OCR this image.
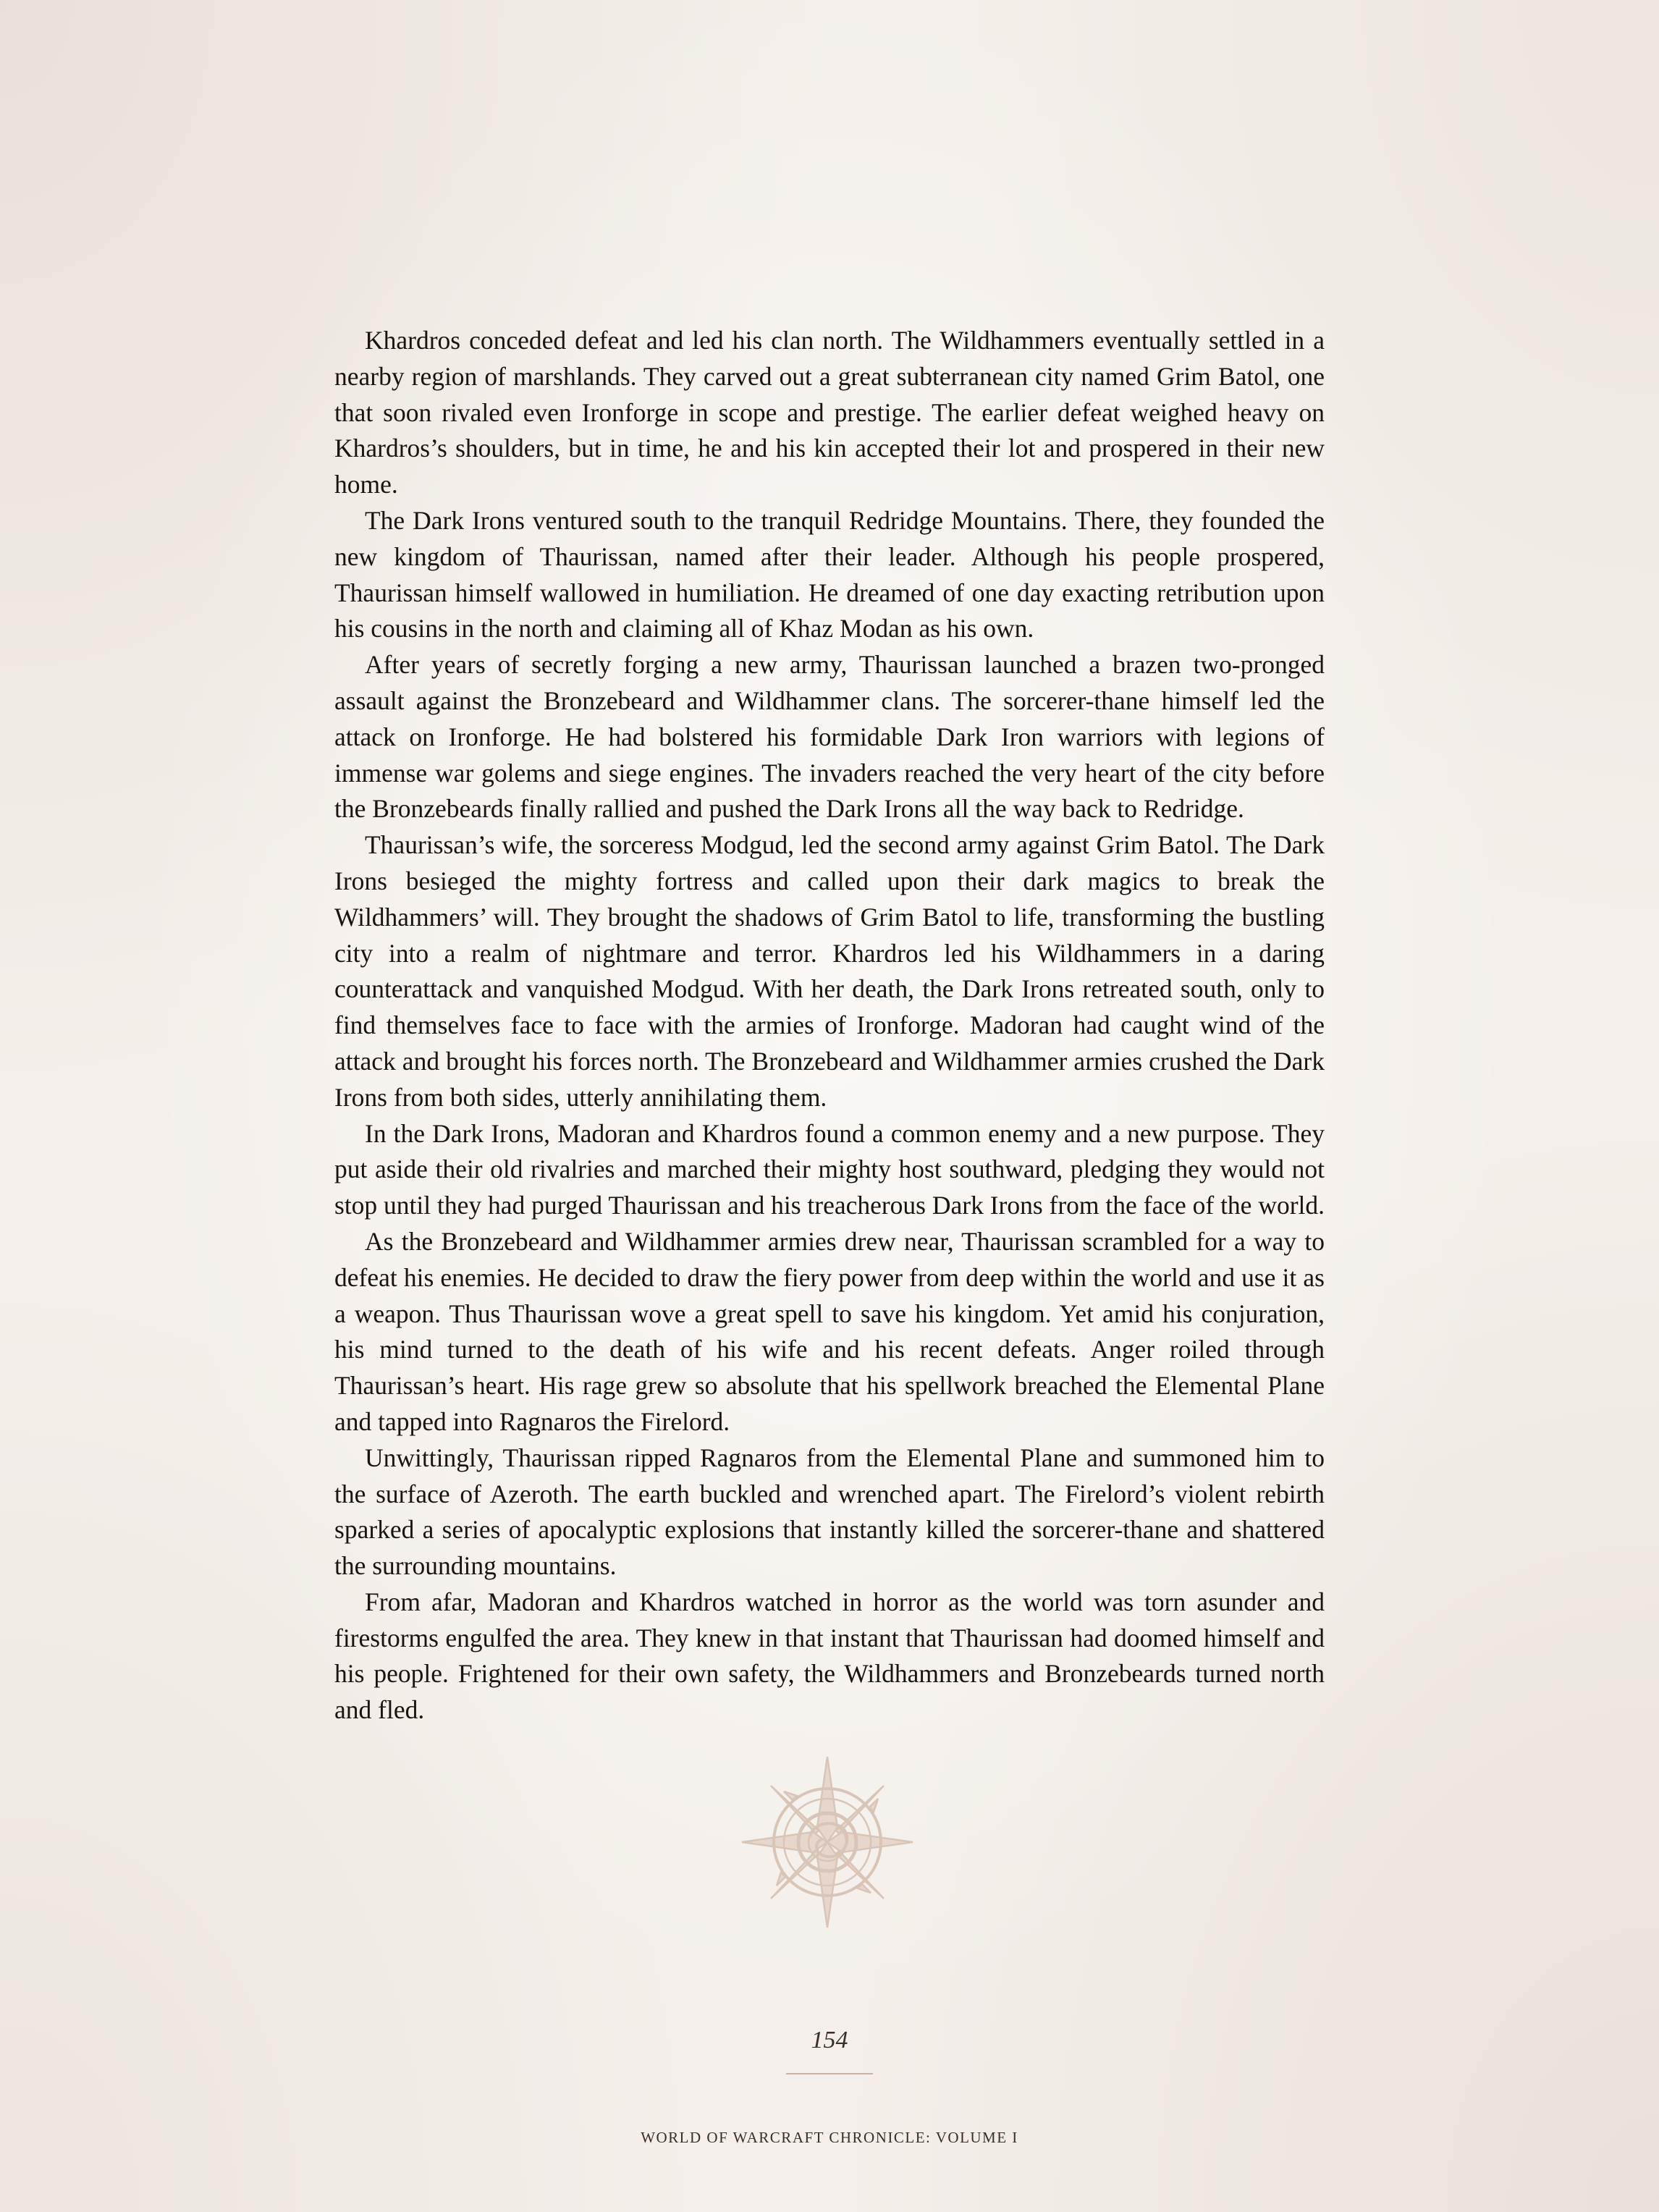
Khardros conceded defeat and led his clan north. The Wildhammers eventually settled in a nearby region of marshlands. They carved out a great subterranean city named Grim Batol, one that soon rivaled even Ironforge in scope and prestige. The earlier defeat weighed heavy on Khardros’s shoulders, but in time, he and his kin accepted their lot and prospered in their new home.

The Dark Irons ventured south to the tranquil Redridge Mountains. There, they founded the new kingdom of Thaurissan, named after their leader. Although his people prospered, Thaurissan himself wallowed in humiliation. He dreamed of one day exacting retribution upon his cousins in the north and claiming all of Khaz Modan as his own.

After years of secretly forging a new army, Thaurissan launched a brazen two-pronged assault against the Bronzebeard and Wildhammer clans. The sorcerer-thane himself led the attack on Ironforge. He had bolstered his formidable Dark Iron warriors with legions of immense war golems and siege engines. The invaders reached the very heart of the city before the Bronzebeards finally rallied and pushed the Dark Irons all the way back to Redridge.

Thaurissan’s wife, the sorceress Modgud, led the second army against Grim Batol. The Dark Irons besieged the mighty fortress and called upon their dark magics to break the Wildhammers’ will. They brought the shadows of Grim Batol to life, transforming the bustling city into a realm of nightmare and terror. Khardros led his Wildhammers in a daring counterattack and vanquished Modgud. With her death, the Dark Irons retreated south, only to find themselves face to face with the armies of Ironforge. Madoran had caught wind of the attack and brought his forces north. The Bronzebeard and Wildhammer armies crushed the Dark Irons from both sides, utterly annihilating them.

In the Dark Irons, Madoran and Khardros found a common enemy and a new purpose. They put aside their old rivalries and marched their mighty host southward, pledging they would not stop until they had purged Thaurissan and his treacherous Dark Irons from the face of the world.

As the Bronzebeard and Wildhammer armies drew near, Thaurissan scrambled for a way to defeat his enemies. He decided to draw the fiery power from deep within the world and use it as a weapon. Thus Thaurissan wove a great spell to save his kingdom. Yet amid his conjuration, his mind turned to the death of his wife and his recent defeats. Anger roiled through Thaurissan’s heart. His rage grew so absolute that his spellwork breached the Elemental Plane and tapped into Ragnaros the Firelord.

Unwittingly, Thaurissan ripped Ragnaros from the Elemental Plane and summoned him to the surface of Azeroth. The earth buckled and wrenched apart. The Firelord’s violent rebirth sparked a series of apocalyptic explosions that instantly killed the sorcerer-thane and shattered the surrounding mountains.

From afar, Madoran and Khardros watched in horror as the world was torn asunder and firestorms engulfed the area. They knew in that instant that Thaurissan had doomed himself and his people. Frightened for their own safety, the Wildhammers and Bronzebeards turned north and fled.

154
WORLD OF WARCRAFT CHRONICLE: VOLUME I
